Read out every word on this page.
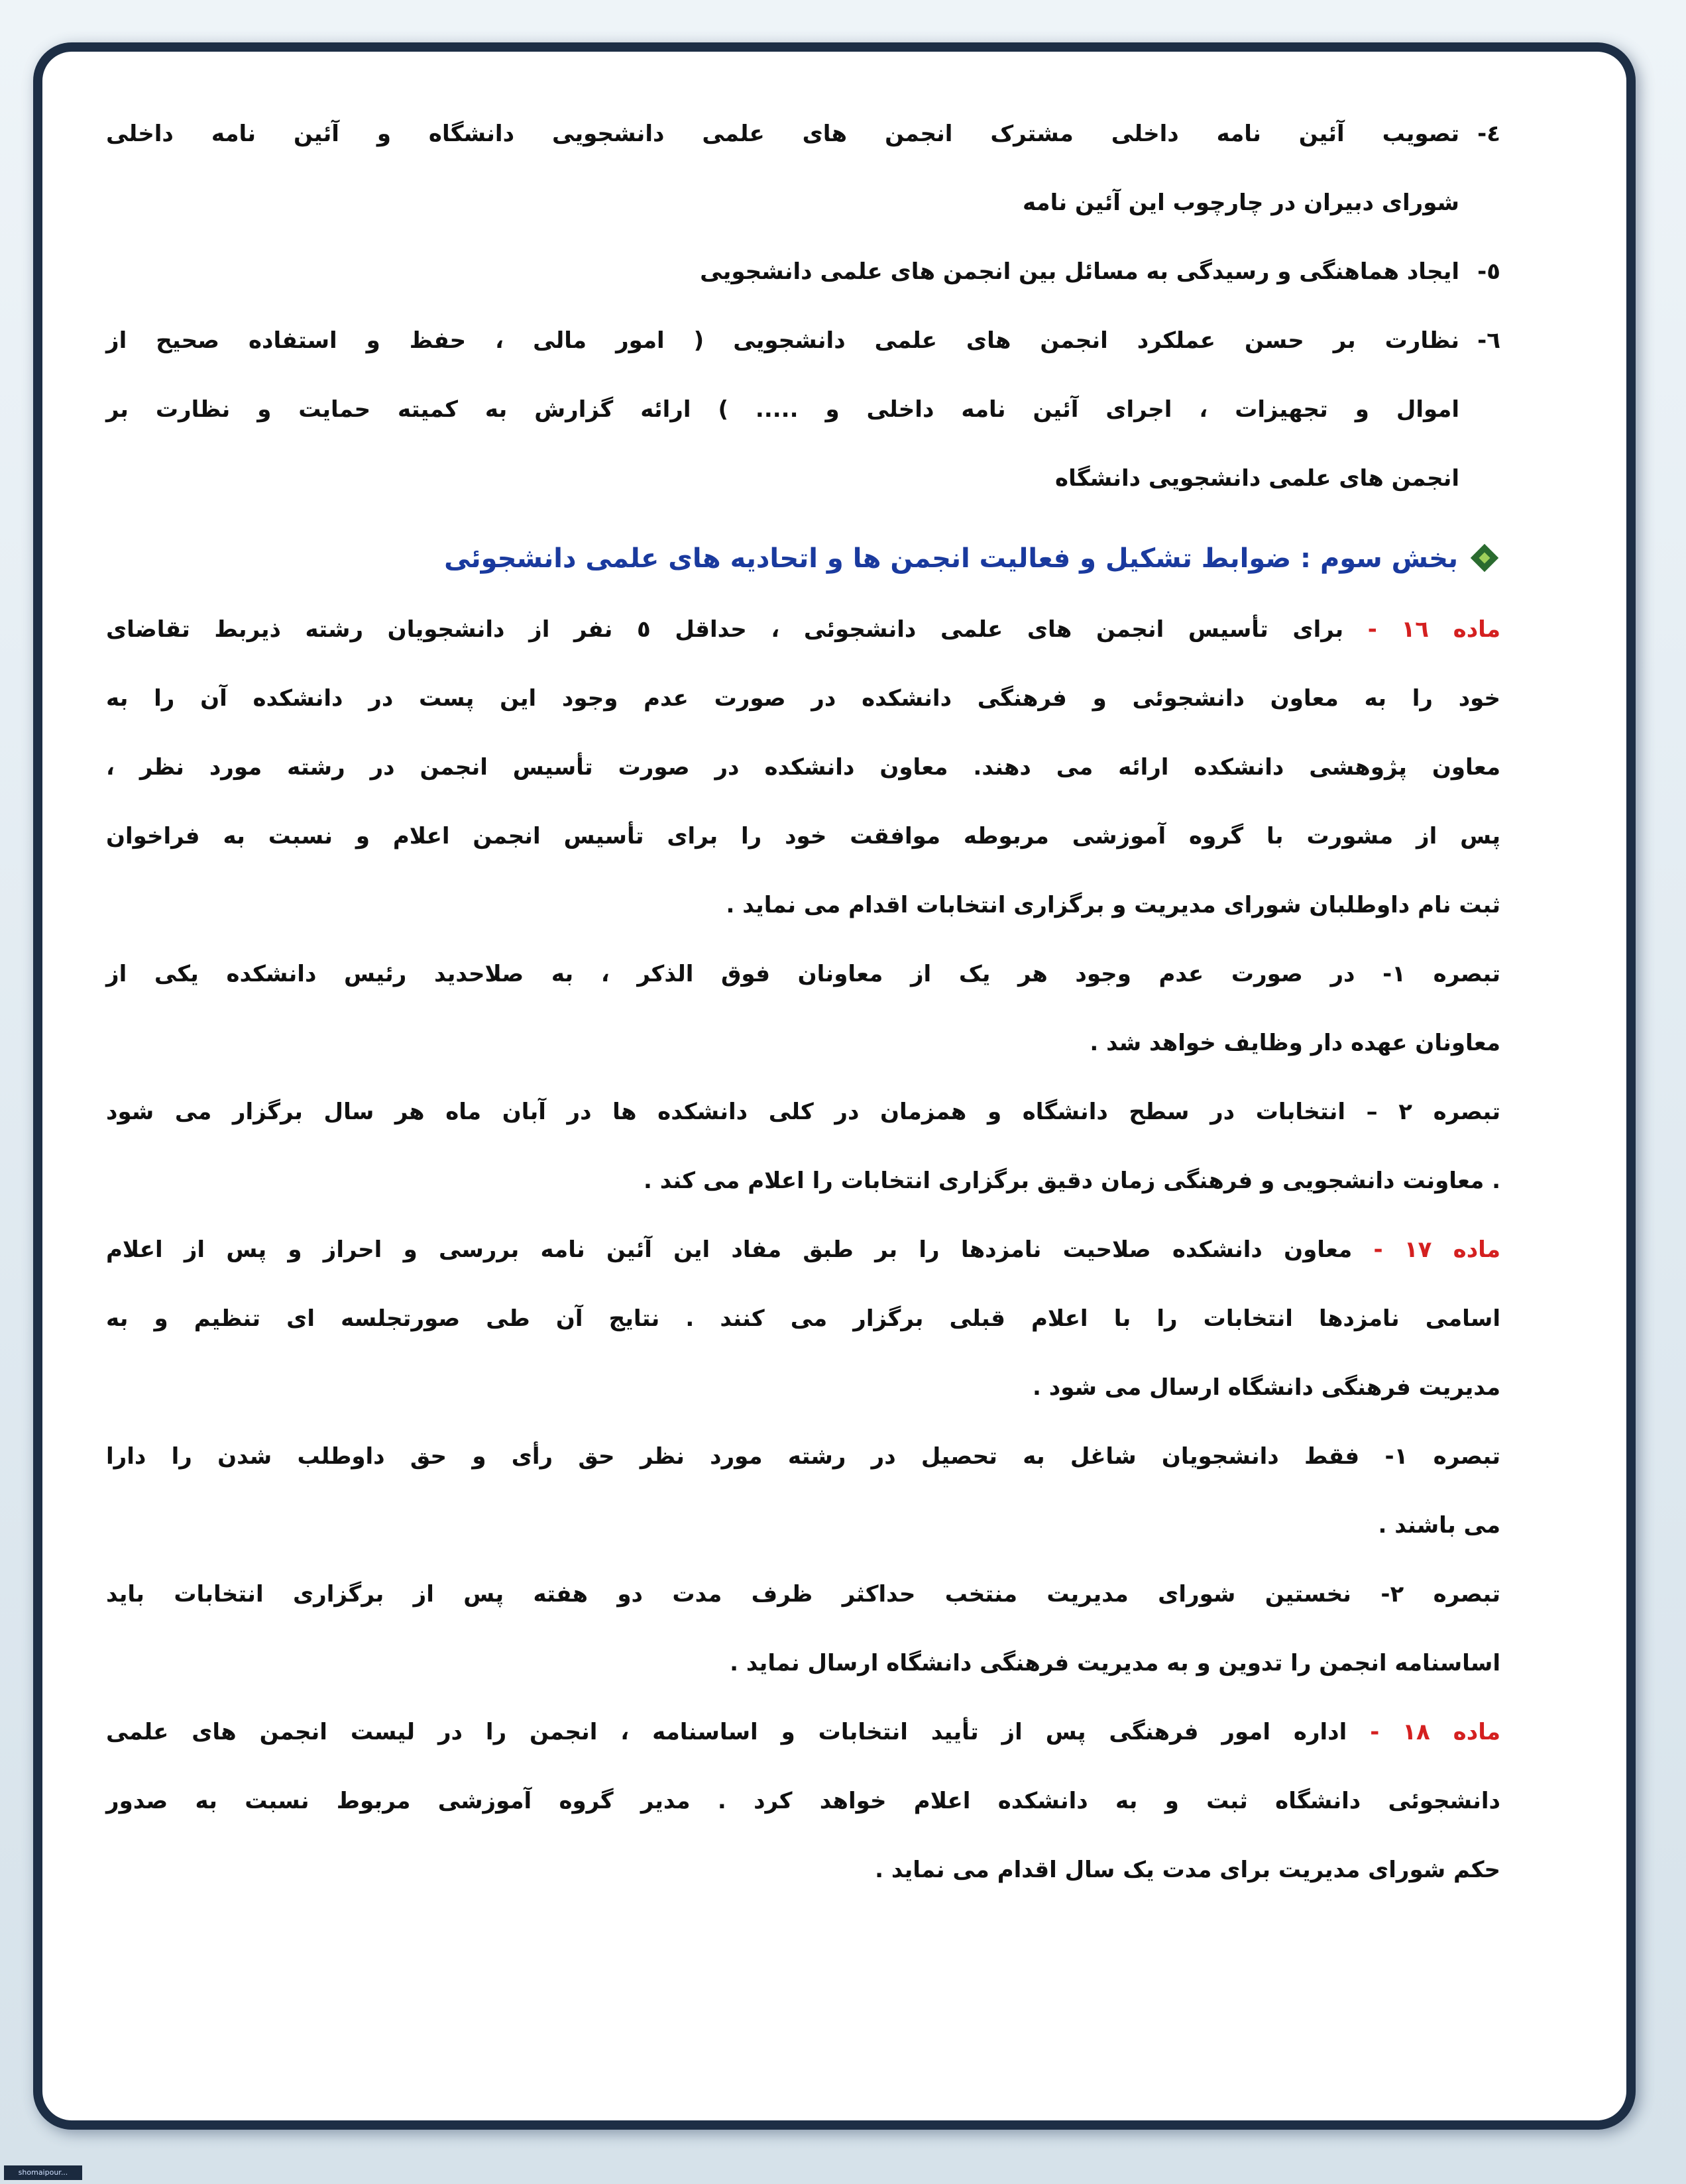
٤-
تصویب آئین نامه داخلی مشترک انجمن های علمی دانشجویی دانشگاه و آئین نامه داخلی
شورای دبیران در چارچوب این آئین نامه
٥-
ایجاد هماهنگی و رسیدگی به مسائل بین انجمن های علمی دانشجویی
٦-
نظارت بر حسن عملکرد انجمن های علمی دانشجویی ( امور مالی ، حفظ و استفاده صحیح از
اموال و تجهیزات ، اجرای آئین نامه داخلی و ..... ) ارائه گزارش به کمیته حمایت و نظارت بر
انجمن های علمی دانشجویی دانشگاه
بخش سوم : ضوابط تشکیل و فعالیت انجمن ها و اتحادیه های علمی دانشجوئی
ماده ١٦ - برای تأسیس انجمن های علمی دانشجوئی ، حداقل ٥ نفر از دانشجویان رشته ذیربط تقاضای
خود را به معاون دانشجوئی و فرهنگی دانشکده در صورت عدم وجود این پست در دانشکده آن را به
معاون پژوهشی دانشکده ارائه می دهند. معاون دانشکده در صورت تأسیس انجمن در رشته مورد نظر ،
پس از مشورت با گروه آموزشی مربوطه موافقت خود را برای تأسیس انجمن اعلام و نسبت به فراخوان
ثبت نام داوطلبان شورای مدیریت و برگزاری انتخابات اقدام می نماید .
تبصره ١- در صورت عدم وجود هر یک از معاونان فوق الذکر ، به صلاحدید رئیس دانشکده یکی از
معاونان عهده دار وظایف خواهد شد .
تبصره ٢ – انتخابات در سطح دانشگاه و همزمان در کلی دانشکده ها در آبان ماه هر سال برگزار می شود
. معاونت دانشجویی و فرهنگی زمان دقیق برگزاری انتخابات را اعلام می کند .
ماده ١٧ - معاون دانشکده صلاحیت نامزدها را بر طبق مفاد این آئین نامه بررسی و احراز و پس از اعلام
اسامی نامزدها انتخابات را با اعلام قبلی برگزار می کنند . نتایج آن طی صورتجلسه ای تنظیم و به
مدیریت فرهنگی دانشگاه ارسال می شود .
تبصره ١- فقط دانشجویان شاغل به تحصیل در رشته مورد نظر حق رأی و حق داوطلب شدن را دارا
می باشند .
تبصره ٢- نخستین شورای مدیریت منتخب حداکثر ظرف مدت دو هفته پس از برگزاری انتخابات باید
اساسنامه انجمن را تدوین و به مدیریت فرهنگی دانشگاه ارسال نماید .
ماده ١٨ - اداره امور فرهنگی پس از تأیید انتخابات و اساسنامه ، انجمن را در لیست انجمن های علمی
دانشجوئی دانشگاه ثبت و به دانشکده اعلام خواهد کرد . مدیر گروه آموزشی مربوط نسبت به صدور
حکم شورای مدیریت برای مدت یک سال اقدام می نماید .
shomaipour...
